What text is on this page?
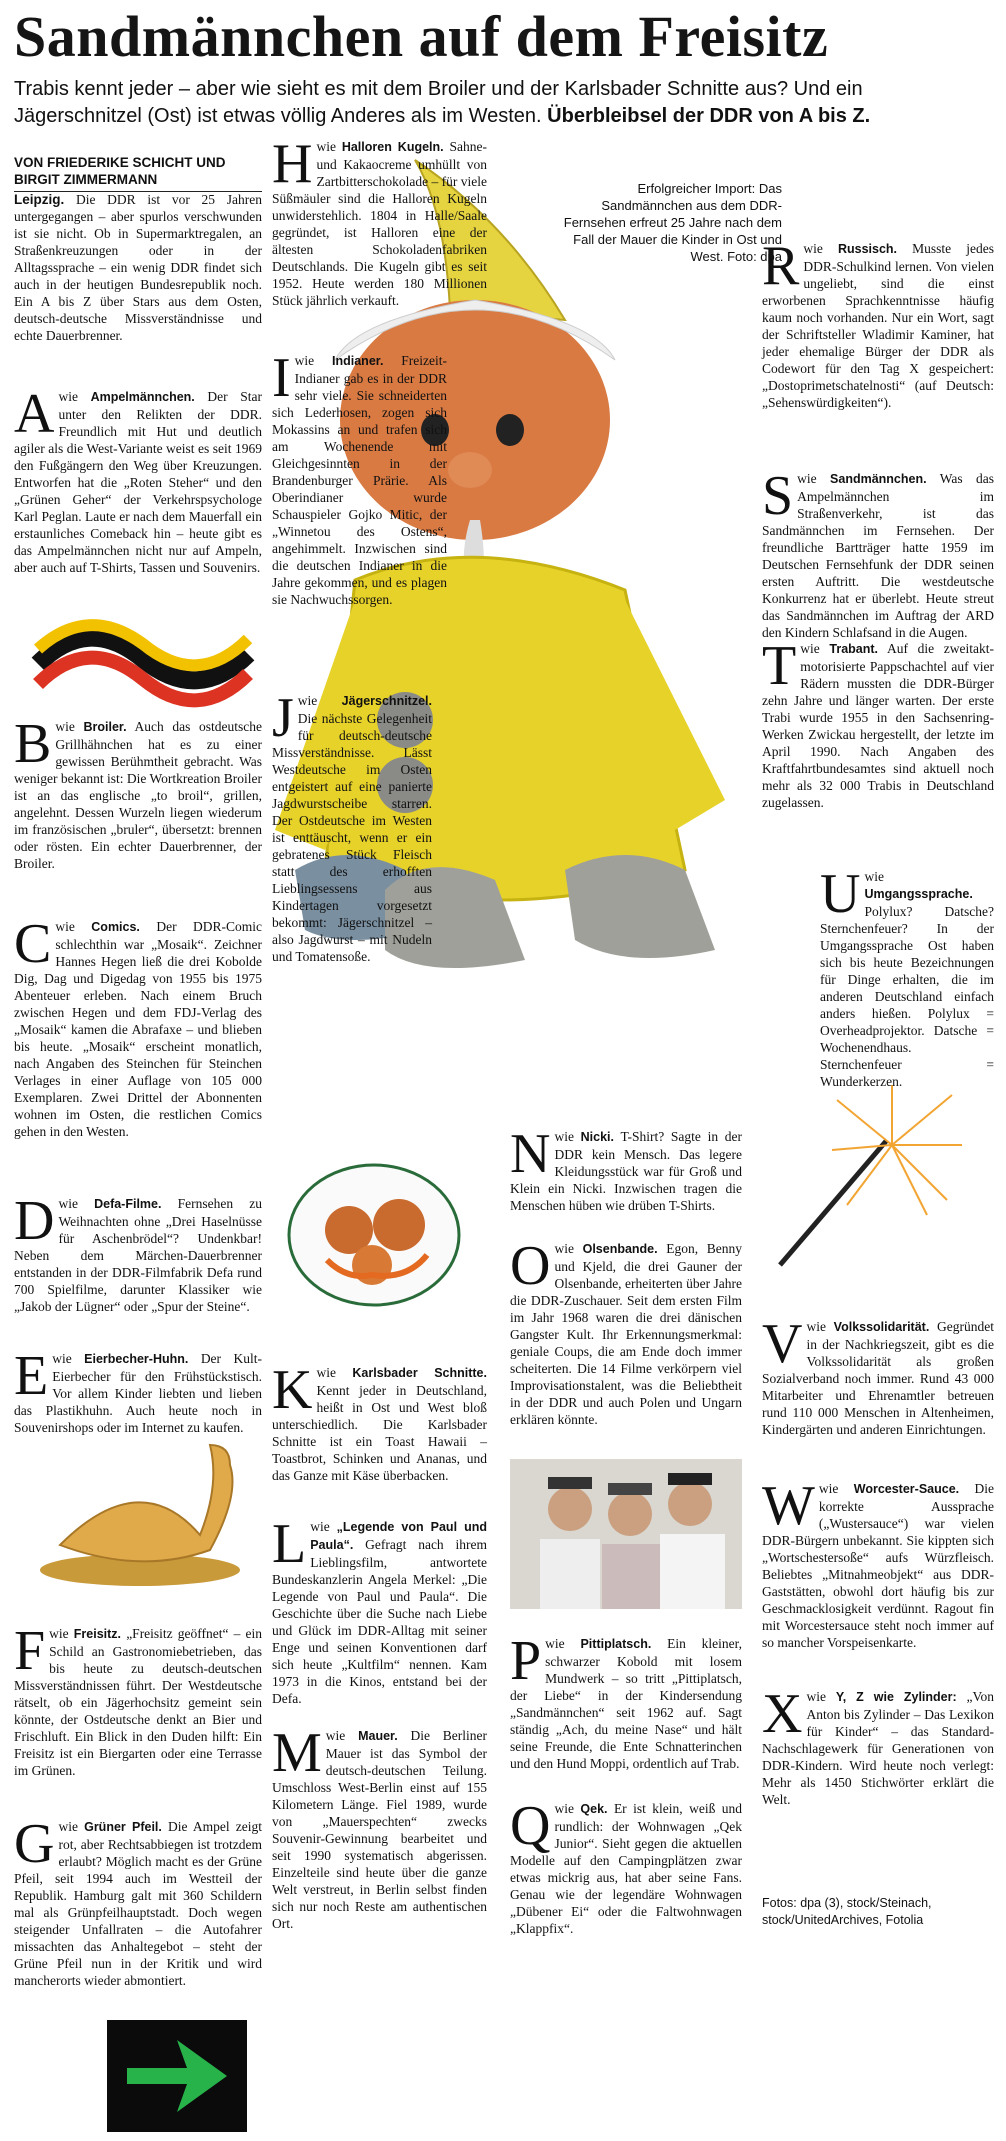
Sandmännchen auf dem Freisitz

Trabis kennt jeder – aber wie sieht es mit dem Broiler und der Karlsbader Schnitte aus? Und ein Jägerschnitzel (Ost) ist etwas völlig Anderes als im Westen. Überbleibsel der DDR von A bis Z.

VON FRIEDERIKE SCHICHT UND BIRGIT ZIMMERMANN

Leipzig. Die DDR ist vor 25 Jahren untergegangen – aber spurlos verschwunden ist sie nicht. Ob in Supermarktregalen, an Straßenkreuzungen oder in der Alltagssprache – ein wenig DDR findet sich auch in der heutigen Bundesrepublik noch. Ein A bis Z über Stars aus dem Osten, deutsch-deutsche Missverständnisse und echte Dauerbrenner.

Erfolgreicher Import: Das Sandmännchen aus dem DDR-Fernsehen erfreut 25 Jahre nach dem Fall der Mauer die Kinder in Ost und West. Foto: dpa

Awie Ampelmännchen. Der Star unter den Relikten der DDR. Freundlich mit Hut und deutlich agiler als die West-Variante weist es seit 1969 den Fußgängern den Weg über Kreuzungen. Entworfen hat die „Roten Steher“ und den „Grünen Geher“ der Verkehrspsychologe Karl Peglan. Laute er nach dem Mauerfall ein erstaunliches Comeback hin – heute gibt es das Ampelmännchen nicht nur auf Ampeln, aber auch auf T-Shirts, Tassen und Souvenirs.

Bwie Broiler. Auch das ostdeutsche Grillhähnchen hat es zu einer gewissen Berühmtheit gebracht. Was weniger bekannt ist: Die Wortkreation Broiler ist an das englische „to broil“, grillen, angelehnt. Dessen Wurzeln liegen wiederum im französischen „bruler“, übersetzt: brennen oder rösten. Ein echter Dauerbrenner, der Broiler.

Cwie Comics. Der DDR-Comic schlechthin war „Mosaik“. Zeichner Hannes Hegen ließ die drei Kobolde Dig, Dag und Digedag von 1955 bis 1975 Abenteuer erleben. Nach einem Bruch zwischen Hegen und dem FDJ-Verlag des „Mosaik“ kamen die Abrafaxe – und blieben bis heute. „Mosaik“ erscheint monatlich, nach Angaben des Steinchen für Steinchen Verlages in einer Auflage von 105 000 Exemplaren. Zwei Drittel der Abonnenten wohnen im Osten, die restlichen Comics gehen in den Westen.

Dwie Defa-Filme. Fernsehen zu Weihnachten ohne „Drei Haselnüsse für Aschenbrödel“? Undenkbar! Neben dem Märchen-Dauerbrenner entstanden in der DDR-Filmfabrik Defa rund 700 Spielfilme, darunter Klassiker wie „Jakob der Lügner“ oder „Spur der Steine“.

Ewie Eierbecher-Huhn. Der Kult-Eierbecher für den Frühstückstisch. Vor allem Kinder liebten und lieben das Plastikhuhn. Auch heute noch in Souvenirshops oder im Internet zu kaufen.

Fwie Freisitz. „Freisitz geöffnet“ – ein Schild an Gastronomiebetrieben, das bis heute zu deutsch-deutschen Missverständnissen führt. Der Westdeutsche rätselt, ob ein Jägerhochsitz gemeint sein könnte, der Ostdeutsche denkt an Bier und Frischluft. Ein Blick in den Duden hilft: Ein Freisitz ist ein Biergarten oder eine Terrasse im Grünen.

Gwie Grüner Pfeil. Die Ampel zeigt rot, aber Rechtsabbiegen ist trotzdem erlaubt? Möglich macht es der Grüne Pfeil, seit 1994 auch im Westteil der Republik. Hamburg galt mit 360 Schildern mal als Grünpfeilhauptstadt. Doch wegen steigender Unfallraten – die Autofahrer missachten das Anhaltegebot – steht der Grüne Pfeil nun in der Kritik und wird mancherorts wieder abmontiert.

Hwie Halloren Kugeln. Sahne- und Kakaocreme umhüllt von Zartbitterschokolade – für viele Süßmäuler sind die Halloren Kugeln unwiderstehlich. 1804 in Halle/Saale gegründet, ist Halloren eine der ältesten Schokoladenfabriken Deutschlands. Die Kugeln gibt es seit 1952. Heute werden 180 Millionen Stück jährlich verkauft.

Iwie Indianer. Freizeit-Indianer gab es in der DDR sehr viele. Sie schneiderten sich Lederhosen, zogen sich Mokassins an und trafen sich am Wochenende mit Gleichgesinnten in der Brandenburger Prärie. Als Oberindianer wurde Schauspieler Gojko Mitic, der „Winnetou des Ostens“, angehimmelt. Inzwischen sind die deutschen Indianer in die Jahre gekommen, und es plagen sie Nachwuchssorgen.

Jwie Jägerschnitzel. Die nächste Gelegenheit für deutsch-deutsche Missverständnisse. Lässt Westdeutsche im Osten entgeistert auf eine panierte Jagdwurstscheibe starren. Der Ostdeutsche im Westen ist enttäuscht, wenn er ein gebratenes Stück Fleisch statt des erhofften Lieblingsessens aus Kindertagen vorgesetzt bekommt: Jägerschnitzel – also Jagdwurst – mit Nudeln und Tomatensoße.

Kwie Karlsbader Schnitte. Kennt jeder in Deutschland, heißt in Ost und West bloß unterschiedlich. Die Karlsbader Schnitte ist ein Toast Hawaii – Toastbrot, Schinken und Ananas, und das Ganze mit Käse überbacken.

Lwie „Legende von Paul und Paula“. Gefragt nach ihrem Lieblingsfilm, antwortete Bundeskanzlerin Angela Merkel: „Die Legende von Paul und Paula“. Die Geschichte über die Suche nach Liebe und Glück im DDR-Alltag mit seiner Enge und seinen Konventionen darf sich heute „Kultfilm“ nennen. Kam 1973 in die Kinos, entstand bei der Defa.

Mwie Mauer. Die Berliner Mauer ist das Symbol der deutsch-deutschen Teilung. Umschloss West-Berlin einst auf 155 Kilometern Länge. Fiel 1989, wurde von „Mauerspechten“ zwecks Souvenir-Gewinnung bearbeitet und seit 1990 systematisch abgerissen. Einzelteile sind heute über die ganze Welt verstreut, in Berlin selbst finden sich nur noch Reste am authentischen Ort.

Nwie Nicki. T-Shirt? Sagte in der DDR kein Mensch. Das legere Kleidungsstück war für Groß und Klein ein Nicki. Inzwischen tragen die Menschen hüben wie drüben T-Shirts.

Owie Olsenbande. Egon, Benny und Kjeld, die drei Gauner der Olsenbande, erheiterten über Jahre die DDR-Zuschauer. Seit dem ersten Film im Jahr 1968 waren die drei dänischen Gangster Kult. Ihr Erkennungsmerkmal: geniale Coups, die am Ende doch immer scheiterten. Die 14 Filme verkörpern viel Improvisationstalent, was die Beliebtheit in der DDR und auch Polen und Ungarn erklären könnte.

Pwie Pittiplatsch. Ein kleiner, schwarzer Kobold mit losem Mundwerk – so tritt „Pittiplatsch, der Liebe“ in der Kindersendung „Sandmännchen“ seit 1962 auf. Sagt ständig „Ach, du meine Nase“ und hält seine Freunde, die Ente Schnatterinchen und den Hund Moppi, ordentlich auf Trab.

Qwie Qek. Er ist klein, weiß und rundlich: der Wohnwagen „Qek Junior“. Sieht gegen die aktuellen Modelle auf den Campingplätzen zwar etwas mickrig aus, hat aber seine Fans. Genau wie der legendäre Wohnwagen „Dübener Ei“ oder die Faltwohnwagen „Klappfix“.

Rwie Russisch. Musste jedes DDR-Schulkind lernen. Von vielen ungeliebt, sind die einst erworbenen Sprachkenntnisse häufig kaum noch vorhanden. Nur ein Wort, sagt der Schriftsteller Wladimir Kaminer, hat jeder ehemalige Bürger der DDR als Codewort für den Tag X gespeichert: „Dostoprimetschatelnosti“ (auf Deutsch: „Sehenswürdigkeiten“).

Swie Sandmännchen. Was das Ampelmännchen im Straßenverkehr, ist das Sandmännchen im Fernsehen. Der freundliche Bartträger hatte 1959 im Deutschen Fernsehfunk der DDR seinen ersten Auftritt. Die westdeutsche Konkurrenz hat er überlebt. Heute streut das Sandmännchen im Auftrag der ARD den Kindern Schlafsand in die Augen.

Twie Trabant. Auf die zweitakt-motorisierte Pappschachtel auf vier Rädern mussten die DDR-Bürger zehn Jahre und länger warten. Der erste Trabi wurde 1955 in den Sachsenring-Werken Zwickau hergestellt, der letzte im April 1990. Nach Angaben des Kraftfahrtbundesamtes sind aktuell noch mehr als 32 000 Trabis in Deutschland zugelassen.

Uwie Umgangssprache. Polylux? Datsche? Sternchenfeuer? In der Umgangssprache Ost haben sich bis heute Bezeichnungen für Dinge erhalten, die im anderen Deutschland einfach anders hießen. Polylux = Overheadprojektor. Datsche = Wochenendhaus. Sternchenfeuer = Wunderkerzen.

Vwie Volkssolidarität. Gegründet in der Nachkriegszeit, gibt es die Volkssolidarität als großen Sozialverband noch immer. Rund 43 000 Mitarbeiter und Ehrenamtler betreuen rund 110 000 Menschen in Altenheimen, Kindergärten und anderen Einrichtungen.

Wwie Worcester-Sauce. Die korrekte Aussprache („Wustersauce“) war vielen DDR-Bürgern unbekannt. Sie kippten sich „Wortschestersoße“ aufs Würzfleisch. Beliebtes „Mitnahmeobjekt“ aus DDR-Gaststätten, obwohl dort häufig bis zur Geschmacklosigkeit verdünnt. Ragout fin mit Worcestersauce steht noch immer auf so mancher Vorspeisenkarte.

Xwie Y, Z wie Zylinder: „Von Anton bis Zylinder – Das Lexikon für Kinder“ – das Standard-Nachschlagewerk für Generationen von DDR-Kindern. Wird heute noch verlegt: Mehr als 1450 Stichwörter erklärt die Welt.

Fotos: dpa (3), stock/Steinach, stock/UnitedArchives, Fotolia
